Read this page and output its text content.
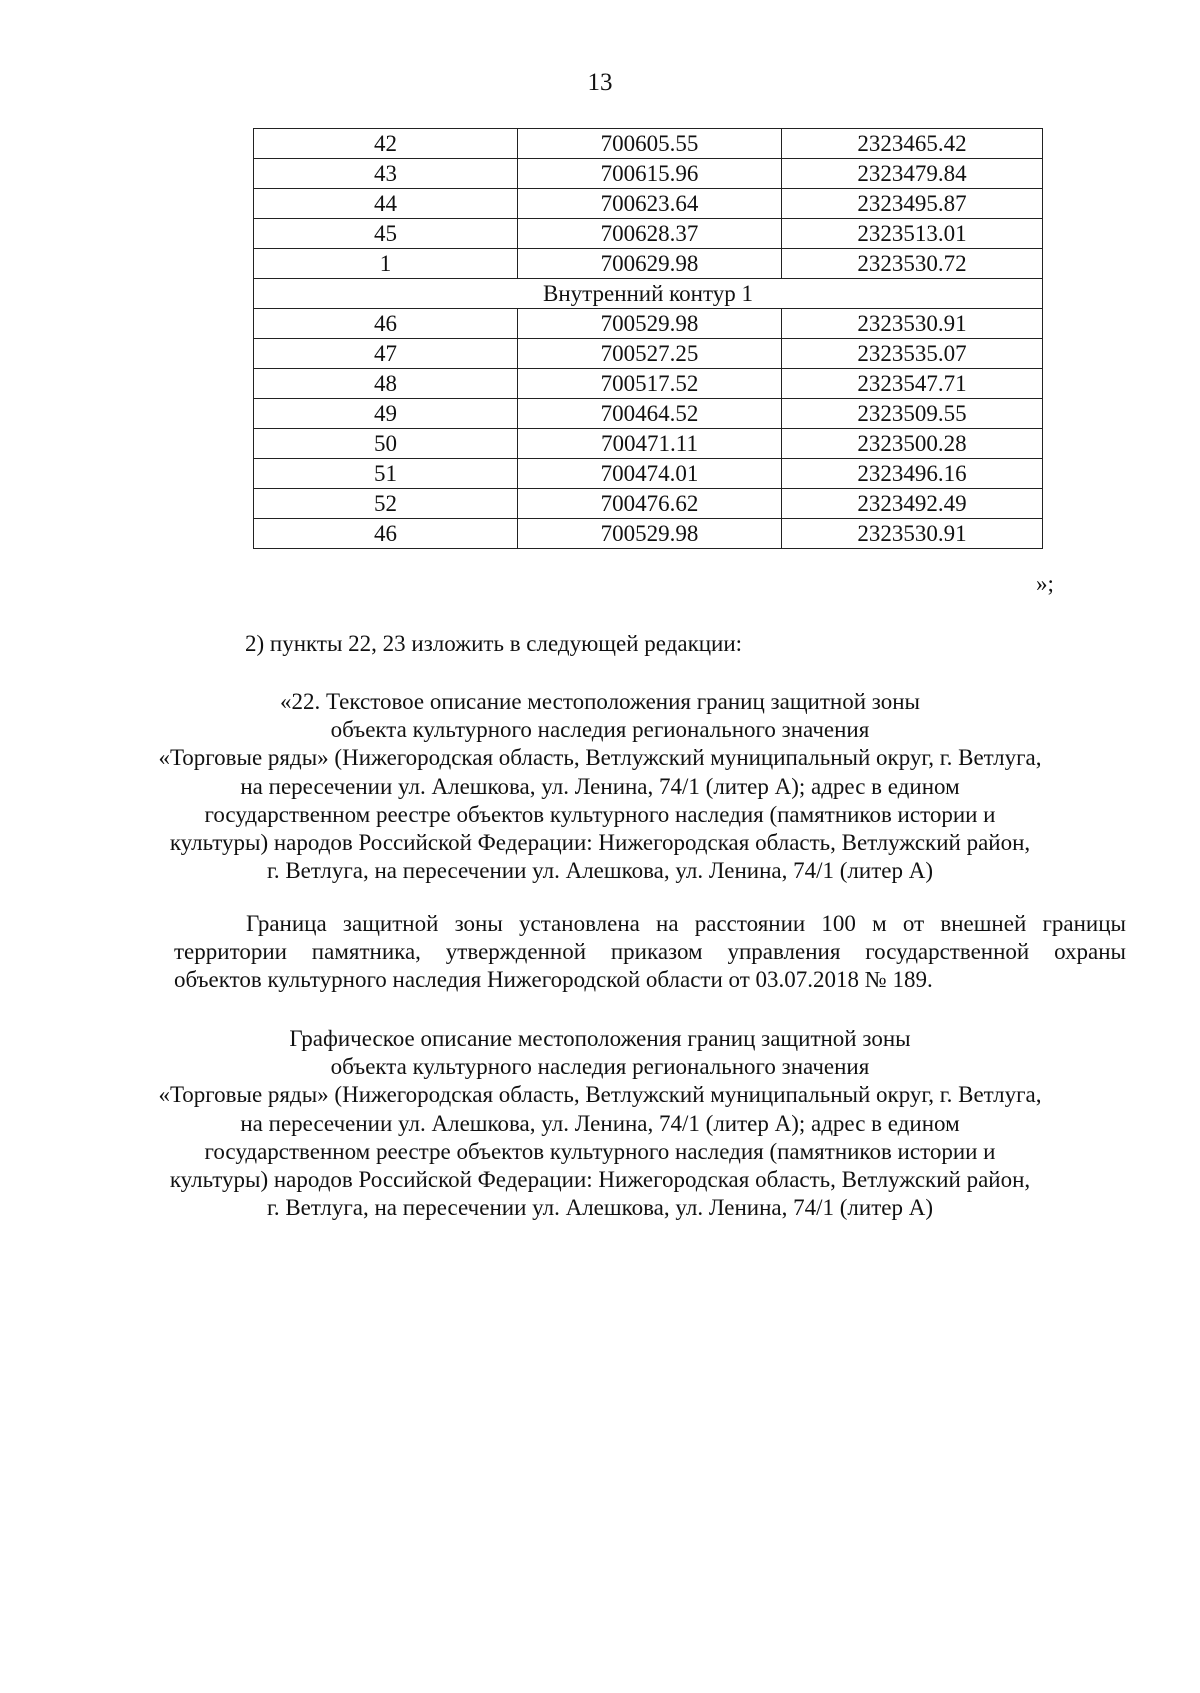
13
42	700605.55	2323465.42
43	700615.96	2323479.84
44	700623.64	2323495.87
45	700628.37	2323513.01
1	700629.98	2323530.72
Внутренний контур 1		
46	700529.98	2323530.91
47	700527.25	2323535.07
48	700517.52	2323547.71
49	700464.52	2323509.55
50	700471.11	2323500.28
51	700474.01	2323496.16
52	700476.62	2323492.49
46	700529.98	2323530.91
»;
2) пункты 22, 23 изложить в следующей редакции:
«22. Текстовое описание местоположения границ защитной зоны
объекта культурного наследия регионального значения
«Торговые ряды» (Нижегородская область, Ветлужский муниципальный округ, г. Ветлуга,
на пересечении ул. Алешкова, ул. Ленина, 74/1 (литер А); адрес в едином
государственном реестре объектов культурного наследия (памятников истории и
культуры) народов Российской Федерации: Нижегородская область, Ветлужский район,
г. Ветлуга, на пересечении ул. Алешкова, ул. Ленина, 74/1 (литер А)
Граница защитной зоны установлена на расстоянии 100 м от внешней границы
территории памятника, утвержденной приказом управления государственной охраны
объектов культурного наследия Нижегородской области от 03.07.2018 № 189.
Графическое описание местоположения границ защитной зоны
объекта культурного наследия регионального значения
«Торговые ряды» (Нижегородская область, Ветлужский муниципальный округ, г. Ветлуга,
на пересечении ул. Алешкова, ул. Ленина, 74/1 (литер А); адрес в едином
государственном реестре объектов культурного наследия (памятников истории и
культуры) народов Российской Федерации: Нижегородская область, Ветлужский район,
г. Ветлуга, на пересечении ул. Алешкова, ул. Ленина, 74/1 (литер А)
